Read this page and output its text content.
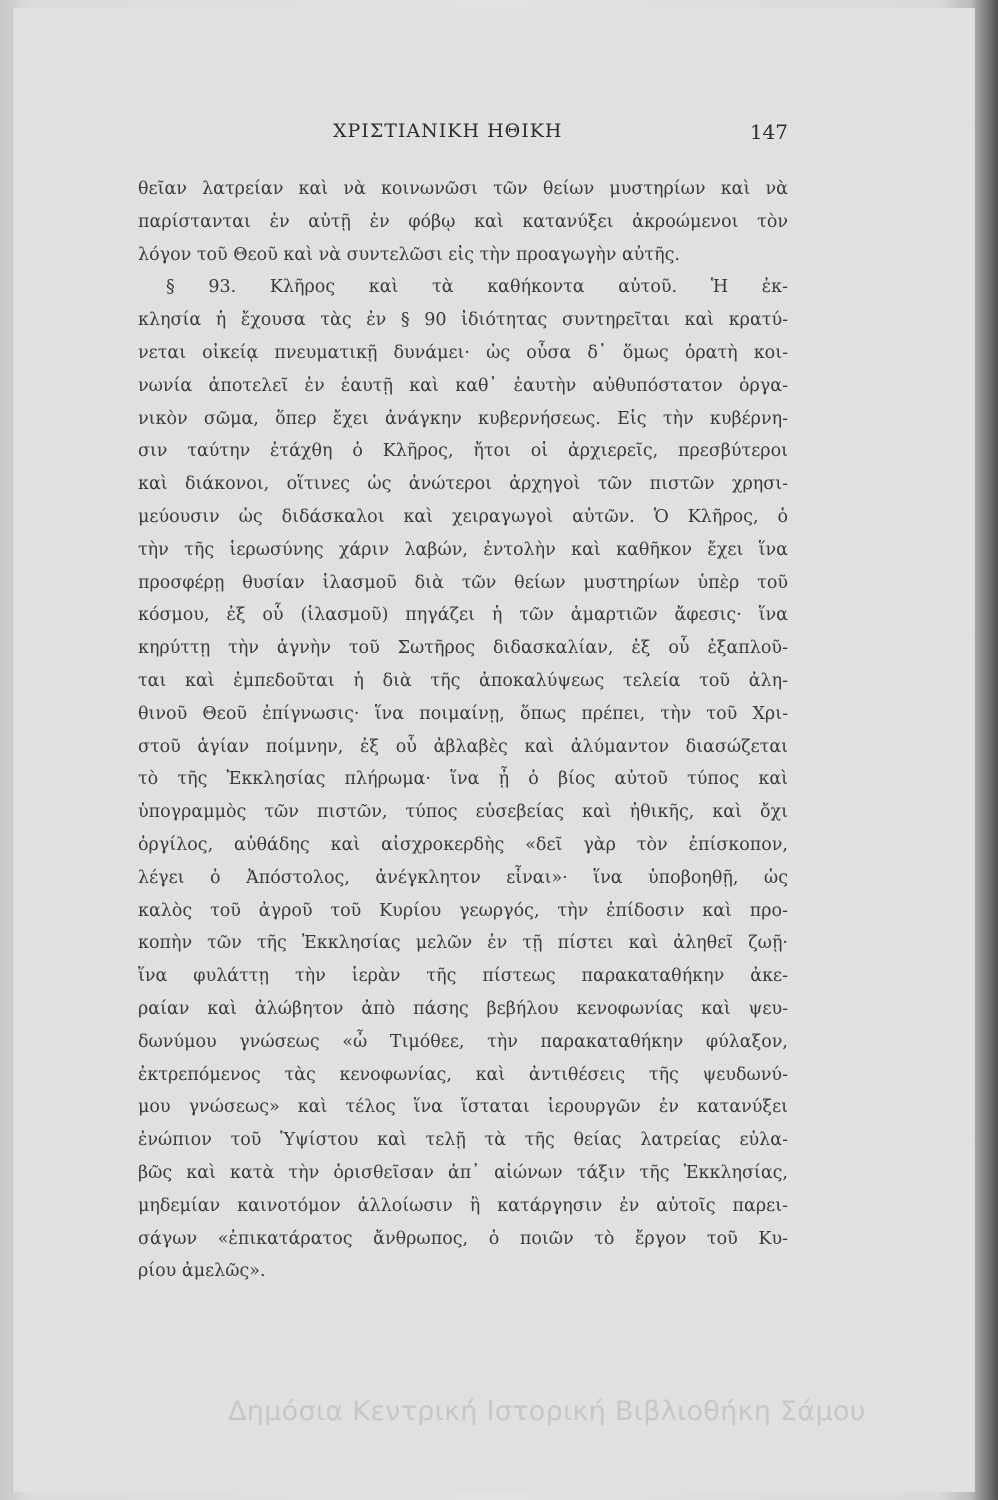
ΧΡΙΣΤΙΑΝΙΚΗ ΗΘΙΚΗ	147
θεῖαν λατρείαν καὶ νὰ κοινωνῶσι τῶν θείων μυστηρίων καὶ νὰ
παρίστανται ἐν αὐτῇ ἐν φόβῳ καὶ κατανύξει ἀκροώμενοι τὸν
λόγον τοῦ Θεοῦ καὶ νὰ συντελῶσι εἰς τὴν προαγωγὴν αὐτῆς.
§ 93. Κλῆρος καὶ τὰ καθήκοντα αὐτοῦ. Ἡ ἐκ-
κλησία ἡ ἔχουσα τὰς ἐν § 90 ἰδιότητας συντηρεῖται καὶ κρατύ-
νεται οἰκείᾳ πνευματικῇ δυνάμει· ὡς οὖσα δ᾽ ὅμως ὁρατὴ κοι-
νωνία ἀποτελεῖ ἐν ἑαυτῇ καὶ καθ᾽ ἑαυτὴν αὐθυπόστατον ὀργα-
νικὸν σῶμα, ὅπερ ἔχει ἀνάγκην κυβερνήσεως. Εἰς τὴν κυβέρνη-
σιν ταύτην ἐτάχθη ὁ Κλῆρος, ἤτοι οἱ ἀρχιερεῖς, πρεσβύτεροι
καὶ διάκονοι, οἵτινες ὡς ἀνώτεροι ἀρχηγοὶ τῶν πιστῶν χρησι-
μεύουσιν ὡς διδάσκαλοι καὶ χειραγωγοὶ αὐτῶν. Ὁ Κλῆρος, ὁ
τὴν τῆς ἱερωσύνης χάριν λαβών, ἐντολὴν καὶ καθῆκον ἔχει ἵνα
προσφέρῃ θυσίαν ἱλασμοῦ διὰ τῶν θείων μυστηρίων ὑπὲρ τοῦ
κόσμου, ἐξ οὗ (ἱλασμοῦ) πηγάζει ἡ τῶν ἁμαρτιῶν ἄφεσις· ἵνα
κηρύττῃ τὴν ἁγνὴν τοῦ Σωτῆρος διδασκαλίαν, ἐξ οὗ ἐξαπλοῦ-
ται καὶ ἐμπεδοῦται ἡ διὰ τῆς ἀποκαλύψεως τελεία τοῦ ἀλη-
θινοῦ Θεοῦ ἐπίγνωσις· ἵνα ποιμαίνῃ, ὅπως πρέπει, τὴν τοῦ Χρι-
στοῦ ἁγίαν ποίμνην, ἐξ οὗ ἀβλαβὲς καὶ ἀλύμαντον διασώζεται
τὸ τῆς Ἐκκλησίας πλήρωμα· ἵνα ᾖ ὁ βίος αὐτοῦ τύπος καὶ
ὑπογραμμὸς τῶν πιστῶν, τύπος εὐσεβείας καὶ ἠθικῆς, καὶ ὄχι
ὀργίλος, αὐθάδης καὶ αἰσχροκερδὴς «δεῖ γὰρ τὸν ἐπίσκοπον,
λέγει ὁ Ἀπόστολος, ἀνέγκλητον εἶναι»· ἵνα ὑποβοηθῇ, ὡς
καλὸς τοῦ ἀγροῦ τοῦ Κυρίου γεωργός, τὴν ἐπίδοσιν καὶ προ-
κοπὴν τῶν τῆς Ἐκκλησίας μελῶν ἐν τῇ πίστει καὶ ἀληθεῖ ζωῇ·
ἵνα φυλάττῃ τὴν ἱερὰν τῆς πίστεως παρακαταθήκην ἀκε-
ραίαν καὶ ἀλώβητον ἀπὸ πάσης βεβήλου κενοφωνίας καὶ ψευ-
δωνύμου γνώσεως «ὦ Τιμόθεε, τὴν παρακαταθήκην φύλαξον,
ἐκτρεπόμενος τὰς κενοφωνίας, καὶ ἀντιθέσεις τῆς ψευδωνύ-
μου γνώσεως» καὶ τέλος ἵνα ἵσταται ἱερουργῶν ἐν κατανύξει
ἐνώπιον τοῦ Ὑψίστου καὶ τελῇ τὰ τῆς θείας λατρείας εὐλα-
βῶς καὶ κατὰ τὴν ὁρισθεῖσαν ἀπ᾽ αἰώνων τάξιν τῆς Ἐκκλησίας,
μηδεμίαν καινοτόμον ἀλλοίωσιν ἢ κατάργησιν ἐν αὐτοῖς παρει-
σάγων «ἐπικατάρατος ἄνθρωπος, ὁ ποιῶν τὸ ἔργον τοῦ Κυ-
ρίου ἀμελῶς».
Δημόσια Κεντρική Ιστορική Βιβλιοθήκη Σάμου
